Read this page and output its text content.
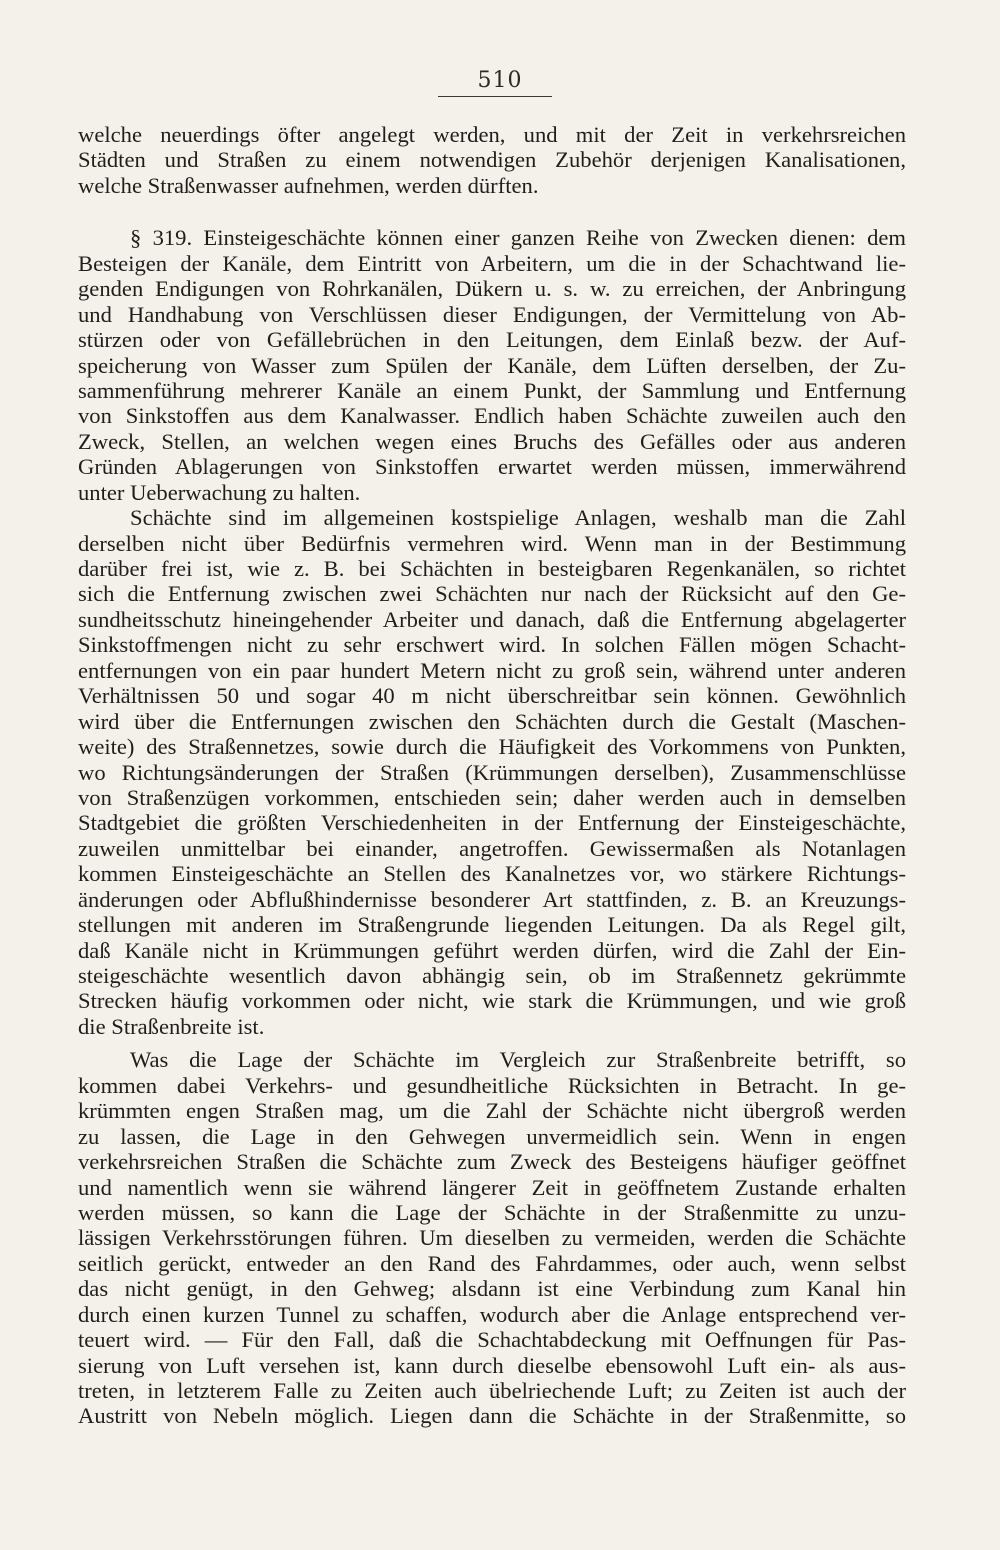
510
welche neuerdings öfter angelegt werden, und mit der Zeit in verkehrsreichen
Städten und Straßen zu einem notwendigen Zubehör derjenigen Kanalisationen,
welche Straßenwasser aufnehmen, werden dürften.
§ 319. Einsteigeschächte können einer ganzen Reihe von Zwecken dienen: dem
Besteigen der Kanäle, dem Eintritt von Arbeitern, um die in der Schachtwand lie-
genden Endigungen von Rohrkanälen, Dükern u. s. w. zu erreichen, der Anbringung
und Handhabung von Verschlüssen dieser Endigungen, der Vermittelung von Ab-
stürzen oder von Gefällebrüchen in den Leitungen, dem Einlaß bezw. der Auf-
speicherung von Wasser zum Spülen der Kanäle, dem Lüften derselben, der Zu-
sammenführung mehrerer Kanäle an einem Punkt, der Sammlung und Entfernung
von Sinkstoffen aus dem Kanalwasser. Endlich haben Schächte zuweilen auch den
Zweck, Stellen, an welchen wegen eines Bruchs des Gefälles oder aus anderen
Gründen Ablagerungen von Sinkstoffen erwartet werden müssen, immerwährend
unter Ueberwachung zu halten.
Schächte sind im allgemeinen kostspielige Anlagen, weshalb man die Zahl
derselben nicht über Bedürfnis vermehren wird. Wenn man in der Bestimmung
darüber frei ist, wie z. B. bei Schächten in besteigbaren Regenkanälen, so richtet
sich die Entfernung zwischen zwei Schächten nur nach der Rücksicht auf den Ge-
sundheitsschutz hineingehender Arbeiter und danach, daß die Entfernung abgelagerter
Sinkstoffmengen nicht zu sehr erschwert wird. In solchen Fällen mögen Schacht-
entfernungen von ein paar hundert Metern nicht zu groß sein, während unter anderen
Verhältnissen 50 und sogar 40 m nicht überschreitbar sein können. Gewöhnlich
wird über die Entfernungen zwischen den Schächten durch die Gestalt (Maschen-
weite) des Straßennetzes, sowie durch die Häufigkeit des Vorkommens von Punkten,
wo Richtungsänderungen der Straßen (Krümmungen derselben), Zusammenschlüsse
von Straßenzügen vorkommen, entschieden sein; daher werden auch in demselben
Stadtgebiet die größten Verschiedenheiten in der Entfernung der Einsteigeschächte,
zuweilen unmittelbar bei einander, angetroffen. Gewissermaßen als Notanlagen
kommen Einsteigeschächte an Stellen des Kanalnetzes vor, wo stärkere Richtungs-
änderungen oder Abflußhindernisse besonderer Art stattfinden, z. B. an Kreuzungs-
stellungen mit anderen im Straßengrunde liegenden Leitungen. Da als Regel gilt,
daß Kanäle nicht in Krümmungen geführt werden dürfen, wird die Zahl der Ein-
steigeschächte wesentlich davon abhängig sein, ob im Straßennetz gekrümmte
Strecken häufig vorkommen oder nicht, wie stark die Krümmungen, und wie groß
die Straßenbreite ist.
Was die Lage der Schächte im Vergleich zur Straßenbreite betrifft, so
kommen dabei Verkehrs- und gesundheitliche Rücksichten in Betracht. In ge-
krümmten engen Straßen mag, um die Zahl der Schächte nicht übergroß werden
zu lassen, die Lage in den Gehwegen unvermeidlich sein. Wenn in engen
verkehrsreichen Straßen die Schächte zum Zweck des Besteigens häufiger geöffnet
und namentlich wenn sie während längerer Zeit in geöffnetem Zustande erhalten
werden müssen, so kann die Lage der Schächte in der Straßenmitte zu unzu-
lässigen Verkehrsstörungen führen. Um dieselben zu vermeiden, werden die Schächte
seitlich gerückt, entweder an den Rand des Fahrdammes, oder auch, wenn selbst
das nicht genügt, in den Gehweg; alsdann ist eine Verbindung zum Kanal hin
durch einen kurzen Tunnel zu schaffen, wodurch aber die Anlage entsprechend ver-
teuert wird. — Für den Fall, daß die Schachtabdeckung mit Oeffnungen für Pas-
sierung von Luft versehen ist, kann durch dieselbe ebensowohl Luft ein- als aus-
treten, in letzterem Falle zu Zeiten auch übelriechende Luft; zu Zeiten ist auch der
Austritt von Nebeln möglich. Liegen dann die Schächte in der Straßenmitte, so
